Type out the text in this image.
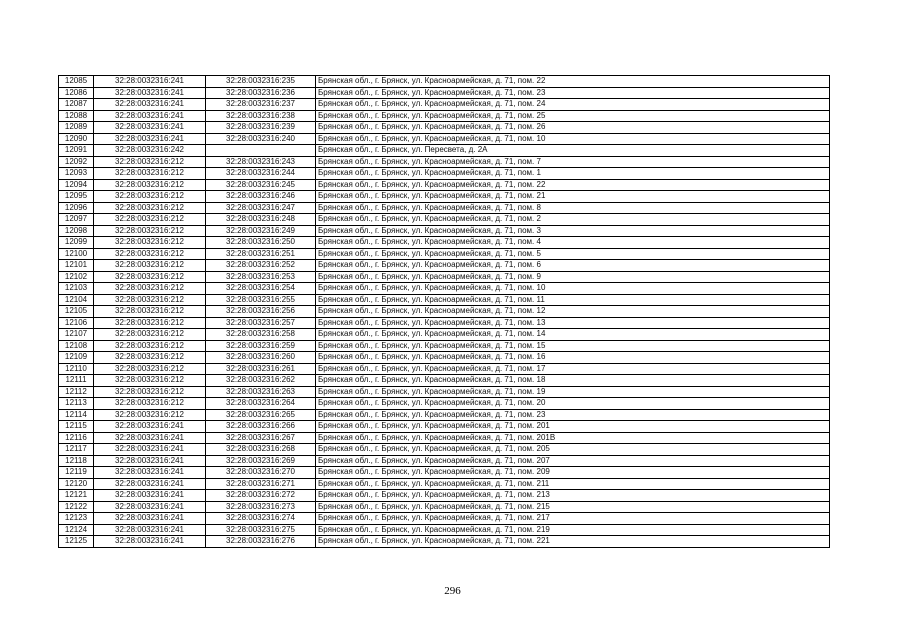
12085	32:28:0032316:241	32:28:0032316:235	Брянская обл., г. Брянск, ул. Красноармейская, д. 71, пом. 22
12086	32:28:0032316:241	32:28:0032316:236	Брянская обл., г. Брянск, ул. Красноармейская, д. 71, пом. 23
12087	32:28:0032316:241	32:28:0032316:237	Брянская обл., г. Брянск, ул. Красноармейская, д. 71, пом. 24
12088	32:28:0032316:241	32:28:0032316:238	Брянская обл., г. Брянск, ул. Красноармейская, д. 71, пом. 25
12089	32:28:0032316:241	32:28:0032316:239	Брянская обл., г. Брянск, ул. Красноармейская, д. 71, пом. 26
12090	32:28:0032316:241	32:28:0032316:240	Брянская обл., г. Брянск, ул. Красноармейская, д. 71, пом. 10
12091	32:28:0032316:242		Брянская обл., г. Брянск, ул. Пересвета, д. 2А
12092	32:28:0032316:212	32:28:0032316:243	Брянская обл., г. Брянск, ул. Красноармейская, д. 71, пом. 7
12093	32:28:0032316:212	32:28:0032316:244	Брянская обл., г. Брянск, ул. Красноармейская, д. 71, пом. 1
12094	32:28:0032316:212	32:28:0032316:245	Брянская обл., г. Брянск, ул. Красноармейская, д. 71, пом. 22
12095	32:28:0032316:212	32:28:0032316:246	Брянская обл., г. Брянск, ул. Красноармейская, д. 71, пом. 21
12096	32:28:0032316:212	32:28:0032316:247	Брянская обл., г. Брянск, ул. Красноармейская, д. 71, пом. 8
12097	32:28:0032316:212	32:28:0032316:248	Брянская обл., г. Брянск, ул. Красноармейская, д. 71, пом. 2
12098	32:28:0032316:212	32:28:0032316:249	Брянская обл., г. Брянск, ул. Красноармейская, д. 71, пом. 3
12099	32:28:0032316:212	32:28:0032316:250	Брянская обл., г. Брянск, ул. Красноармейская, д. 71, пом. 4
12100	32:28:0032316:212	32:28:0032316:251	Брянская обл., г. Брянск, ул. Красноармейская, д. 71, пом. 5
12101	32:28:0032316:212	32:28:0032316:252	Брянская обл., г. Брянск, ул. Красноармейская, д. 71, пом. 6
12102	32:28:0032316:212	32:28:0032316:253	Брянская обл., г. Брянск, ул. Красноармейская, д. 71, пом. 9
12103	32:28:0032316:212	32:28:0032316:254	Брянская обл., г. Брянск, ул. Красноармейская, д. 71, пом. 10
12104	32:28:0032316:212	32:28:0032316:255	Брянская обл., г. Брянск, ул. Красноармейская, д. 71, пом. 11
12105	32:28:0032316:212	32:28:0032316:256	Брянская обл., г. Брянск, ул. Красноармейская, д. 71, пом. 12
12106	32:28:0032316:212	32:28:0032316:257	Брянская обл., г. Брянск, ул. Красноармейская, д. 71, пом. 13
12107	32:28:0032316:212	32:28:0032316:258	Брянская обл., г. Брянск, ул. Красноармейская, д. 71, пом. 14
12108	32:28:0032316:212	32:28:0032316:259	Брянская обл., г. Брянск, ул. Красноармейская, д. 71, пом. 15
12109	32:28:0032316:212	32:28:0032316:260	Брянская обл., г. Брянск, ул. Красноармейская, д. 71, пом. 16
12110	32:28:0032316:212	32:28:0032316:261	Брянская обл., г. Брянск, ул. Красноармейская, д. 71, пом. 17
12111	32:28:0032316:212	32:28:0032316:262	Брянская обл., г. Брянск, ул. Красноармейская, д. 71, пом. 18
12112	32:28:0032316:212	32:28:0032316:263	Брянская обл., г. Брянск, ул. Красноармейская, д. 71, пом. 19
12113	32:28:0032316:212	32:28:0032316:264	Брянская обл., г. Брянск, ул. Красноармейская, д. 71, пом. 20
12114	32:28:0032316:212	32:28:0032316:265	Брянская обл., г. Брянск, ул. Красноармейская, д. 71, пом. 23
12115	32:28:0032316:241	32:28:0032316:266	Брянская обл., г. Брянск, ул. Красноармейская, д. 71, пом. 201
12116	32:28:0032316:241	32:28:0032316:267	Брянская обл., г. Брянск, ул. Красноармейская, д. 71, пом. 201В
12117	32:28:0032316:241	32:28:0032316:268	Брянская обл., г. Брянск, ул. Красноармейская, д. 71, пом. 205
12118	32:28:0032316:241	32:28:0032316:269	Брянская обл., г. Брянск, ул. Красноармейская, д. 71, пом. 207
12119	32:28:0032316:241	32:28:0032316:270	Брянская обл., г. Брянск, ул. Красноармейская, д. 71, пом. 209
12120	32:28:0032316:241	32:28:0032316:271	Брянская обл., г. Брянск, ул. Красноармейская, д. 71, пом. 211
12121	32:28:0032316:241	32:28:0032316:272	Брянская обл., г. Брянск, ул. Красноармейская, д. 71, пом. 213
12122	32:28:0032316:241	32:28:0032316:273	Брянская обл., г. Брянск, ул. Красноармейская, д. 71, пом. 215
12123	32:28:0032316:241	32:28:0032316:274	Брянская обл., г. Брянск, ул. Красноармейская, д. 71, пом. 217
12124	32:28:0032316:241	32:28:0032316:275	Брянская обл., г. Брянск, ул. Красноармейская, д. 71, пом. 219
12125	32:28:0032316:241	32:28:0032316:276	Брянская обл., г. Брянск, ул. Красноармейская, д. 71, пом. 221
296
